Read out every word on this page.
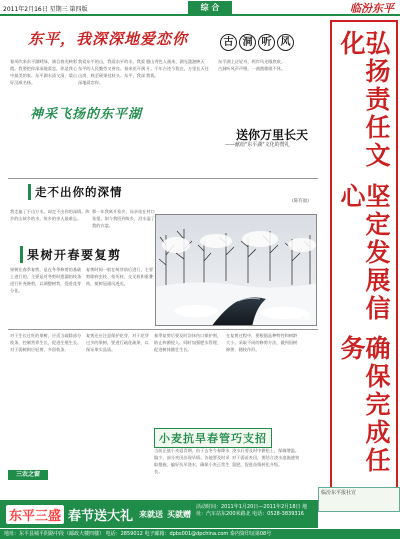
2011年2月16日 星期三 第四版	综 合	临汾东平
东平，我深深地爱恋你	古 洞 听 风
春风吹来东平湖畔绿，满目春光映彩霞。我要把你深深地爱恋，你是我心中最美的家。东平湖水清又清，梁山好汉威名扬。
我爱东平的山，我爱东平的水，我爱东平的人民勤劳又善良。春来花开满山岗，秋至硕果挂枝头。东平，我深深地爱恋你。
腊山秀色入画来，湖光潋滟映天开。千年古迹今犹在，万里长天任我裁。
东平湖上泛轻舟，两岸风光眼底收。古洞听风声声慢，一曲渔歌唱不休。
神采飞扬的东平湖
送你万里长天
——献给"东平湖"文化的赞礼
(陈有福)
走不出你的深情
我走遍了千山万水，却走不出你的深情。故乡的山故乡的水，故乡的亲人最难忘。
那一年我离开家乡，母亲站在村口张望。如今我回到故乡，泪水湿了我的衣裳。
雪景
果树开春要复剪
果树在春季复剪，是在冬季修剪的基础上进行的。主要是对冬剪时遗漏的枝条进行补充修剪，以调整树势，促进花芽分化。
复剪时间一般在萌芽前后进行，主要剪除病虫枝、枯死枝、交叉枝和重叠枝，使树冠通风透光。
对于生长过旺的果树，应适当疏除部分枝条，控制营养生长，促进生殖生长。对于弱树则应轻剪，多留枝条。
复剪还应注意保护花芽，对于花芽过多的果树，要进行疏花疏果，以保证果实品质。
春季复剪后要及时涂抹伤口保护剂，防止病菌侵入。同时加强肥水管理，促进树体健壮生长。
在复剪过程中，要根据品种特性和树龄大小，采取不同的修剪方法，做到因树修剪、随枝作形。
小麦抗旱春管巧支招
当前正值小麦返青期，由于去冬今春降水偏少，部分麦田出现旱情。各地要及时采取措施，搞好抗旱浇水，确保小麦正常生长。
浇水后要及时中耕松土，保墒增温。对于弱苗麦田，要结合浇水追施速效氮肥，促进苗情转化升级。
三农之窗
弘扬责任文化
坚定发展信心
确保完成任务
临汾东平报社宣
东平三盛 春节送大礼 来就送 买就赠
活动时间：2011年1月20日—2011年2月18日 地址：汽车站东200米路北 电话：0528-3839316
地址：东平县城平阴路中段（邮政大楼四楼） 电话：2859012 电子邮箱：dpbs001@dpchina.com 泰内资印证第08号
